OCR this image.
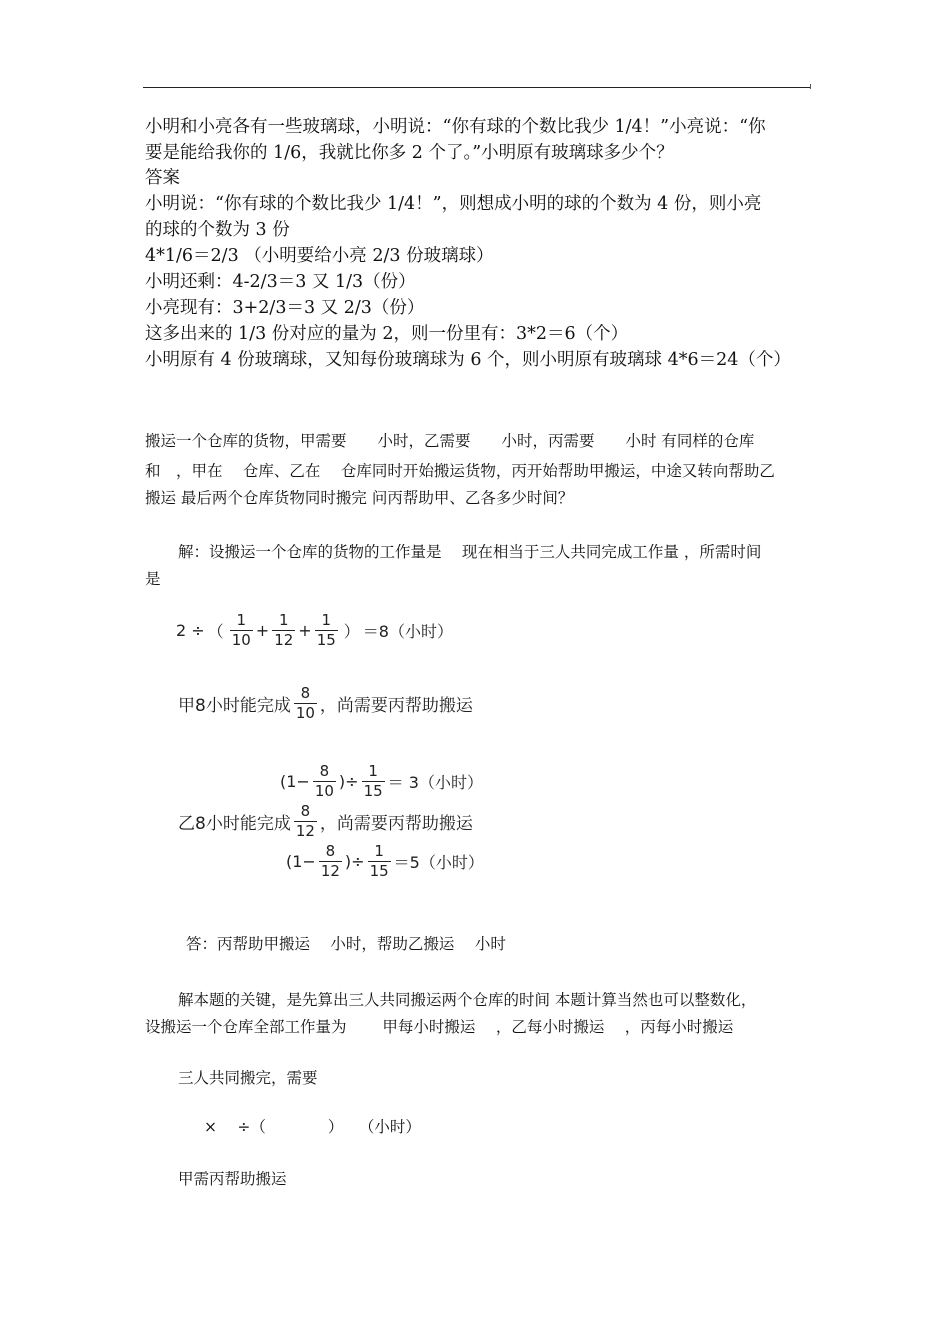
小明和小亮各有一些玻璃球，小明说：“你有球的个数比我少 1/4！”小亮说：“你
要是能给我你的 1/6，我就比你多 2 个了。”小明原有玻璃球多少个？
答案
小明说：“你有球的个数比我少 1/4！”，则想成小明的球的个数为 4 份，则小亮
的球的个数为 3 份
4*1/6＝2/3 （小明要给小亮 2/3 份玻璃球）
小明还剩：4-2/3＝3 又 1/3（份）
小亮现有：3+2/3＝3 又 2/3（份）
这多出来的 1/3 份对应的量为 2，则一份里有：3*2＝6（个）
小明原有 4 份玻璃球，又知每份玻璃球为 6 个，则小明原有玻璃球 4*6＝24（个）
搬运一个仓库的货物，甲需要　　小时，乙需要　　小时，丙需要　　小时 有同样的仓库
和　，甲在　 仓库、乙在　 仓库同时开始搬运货物，丙开始帮助甲搬运，中途又转向帮助乙
搬运 最后两个仓库货物同时搬完 问丙帮助甲、乙各多少时间？
解：设搬运一个仓库的货物的工作量是　 现在相当于三人共同完成工作量 ，所需时间
是
2 ÷ （ $\frac{1}{10} + \frac{1}{12} + \frac{1}{15}$ ） ＝8（小时）
甲8小时能完成 $\frac{8}{10}$ ，尚需要丙帮助搬运
($1- \frac{8}{10}$ )÷ $\frac{1}{15} = 3$（小时）
乙8小时能完成 $\frac{8}{12}$ ，尚需要丙帮助搬运
($1- \frac{8}{12}$ )÷ $\frac{1}{15} =5$（小时）
答：丙帮助甲搬运　 小时，帮助乙搬运　 小时
解本题的关键，是先算出三人共同搬运两个仓库的时间 本题计算当然也可以整数化，
设搬运一个仓库全部工作量为　　 甲每小时搬运　 ，乙每小时搬运　 ，丙每小时搬运
三人共同搬完，需要
×　 ÷（　　　　）　　（小时）
甲需丙帮助搬运
